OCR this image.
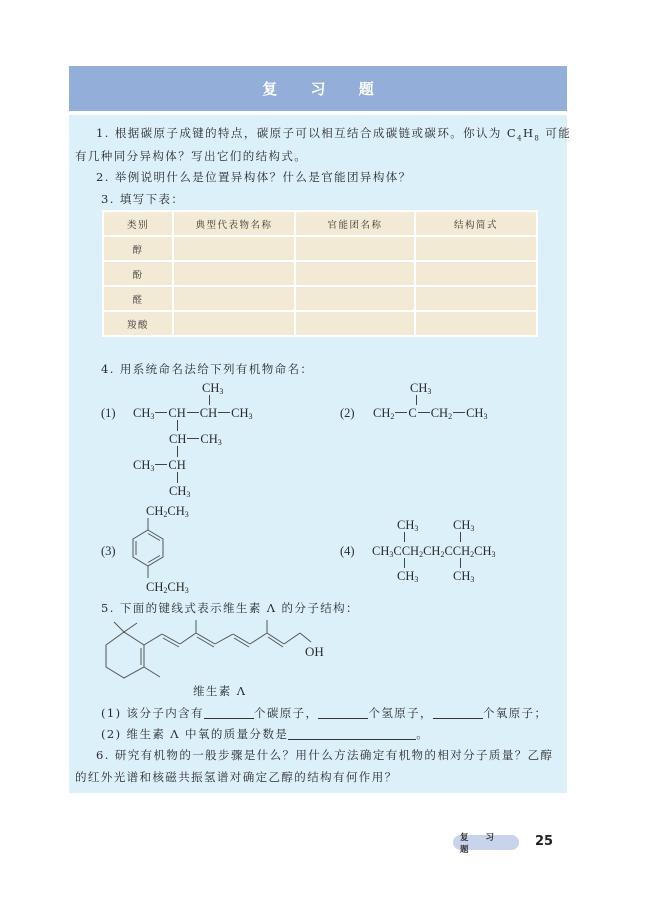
复 习 题
1. 根据碳原子成键的特点，碳原子可以相互结合成碳链或碳环。你认为 $C_4H_8$ 可能
有几种同分异构体？写出它们的结构式。
2. 举例说明什么是位置异构体？什么是官能团异构体？
3. 填写下表：
类别	典型代表物名称	官能团名称	结构简式
醇			
酚			
醛			
羧酸			
4. 用系统命名法给下列有机物命名：
(1)
$CH_3$
$CH_3$ CH CH $CH_3$
CH $CH_3$
$CH_3$ CH
$CH_3$
(2)
$CH_3$
$CH_2$ C $CH_2$ $CH_3$
(3)
$CH_2CH_3$
$CH_2CH_3$
(4)
$CH_3$	$CH_3$
$CH_3CCH_2CH_2CCH_2CH_3$
$CH_3$	$CH_3$
5. 下面的键线式表示维生素 Λ 的分子结构：
OH
维生素 Λ
(1) 该分子内含有	个碳原子，	个氢原子，	个氧原子；
(2) 维生素 Λ 中氧的质量分数是	。
6. 研究有机物的一般步骤是什么？用什么方法确定有机物的相对分子质量？乙醇
的红外光谱和核磁共振氢谱对确定乙醇的结构有何作用？
复 习 题
25
